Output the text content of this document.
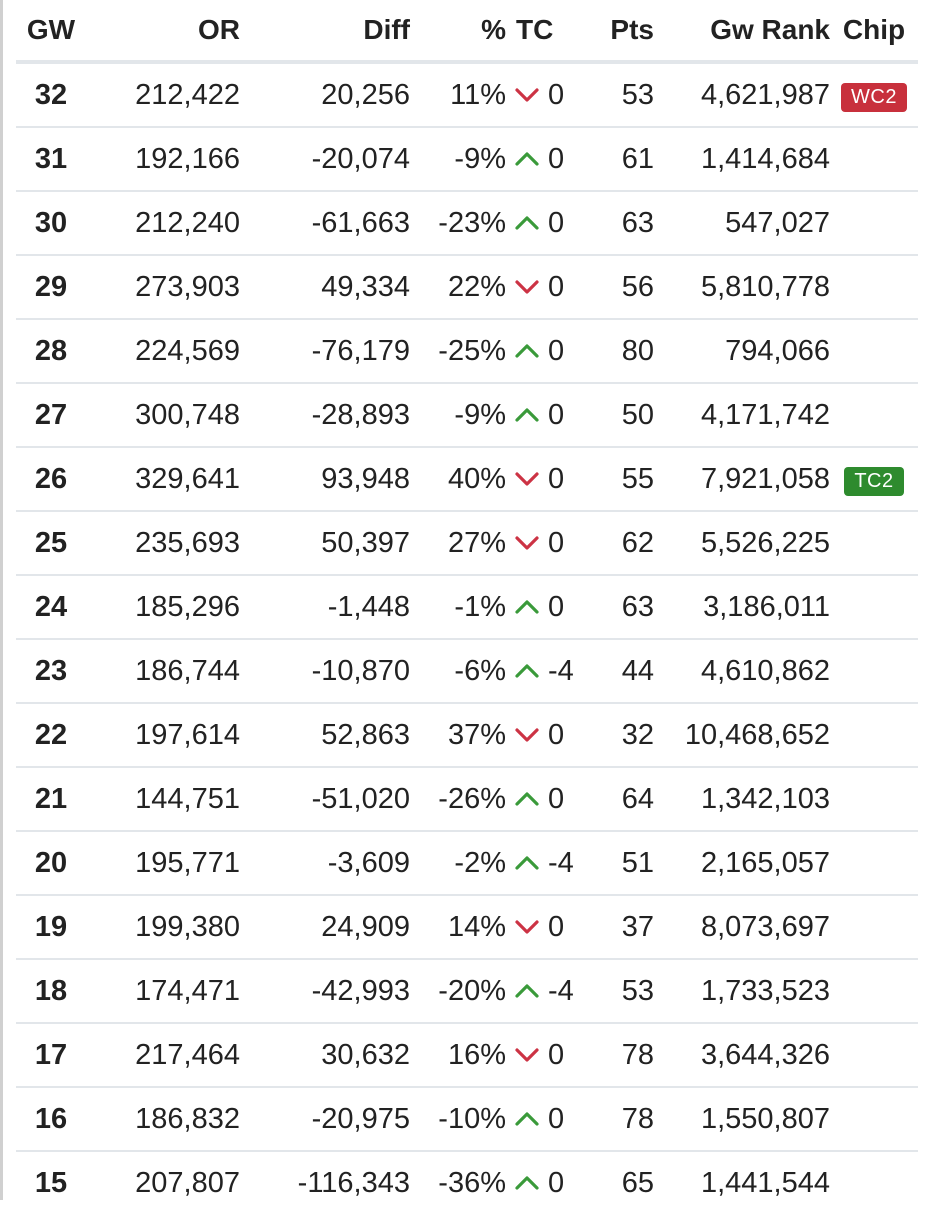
GW	OR	Diff	%	TC	Pts	Gw Rank	Chip
32	212,422	20,256	11%	0	53	4,621,987	WC2
31	192,166	-20,074	-9%	0	61	1,414,684	
30	212,240	-61,663	-23%	0	63	547,027	
29	273,903	49,334	22%	0	56	5,810,778	
28	224,569	-76,179	-25%	0	80	794,066	
27	300,748	-28,893	-9%	0	50	4,171,742	
26	329,641	93,948	40%	0	55	7,921,058	TC2
25	235,693	50,397	27%	0	62	5,526,225	
24	185,296	-1,448	-1%	0	63	3,186,011	
23	186,744	-10,870	-6%	-4	44	4,610,862	
22	197,614	52,863	37%	0	32	10,468,652	
21	144,751	-51,020	-26%	0	64	1,342,103	
20	195,771	-3,609	-2%	-4	51	2,165,057	
19	199,380	24,909	14%	0	37	8,073,697	
18	174,471	-42,993	-20%	-4	53	1,733,523	
17	217,464	30,632	16%	0	78	3,644,326	
16	186,832	-20,975	-10%	0	78	1,550,807	
15	207,807	-116,343	-36%	0	65	1,441,544	
